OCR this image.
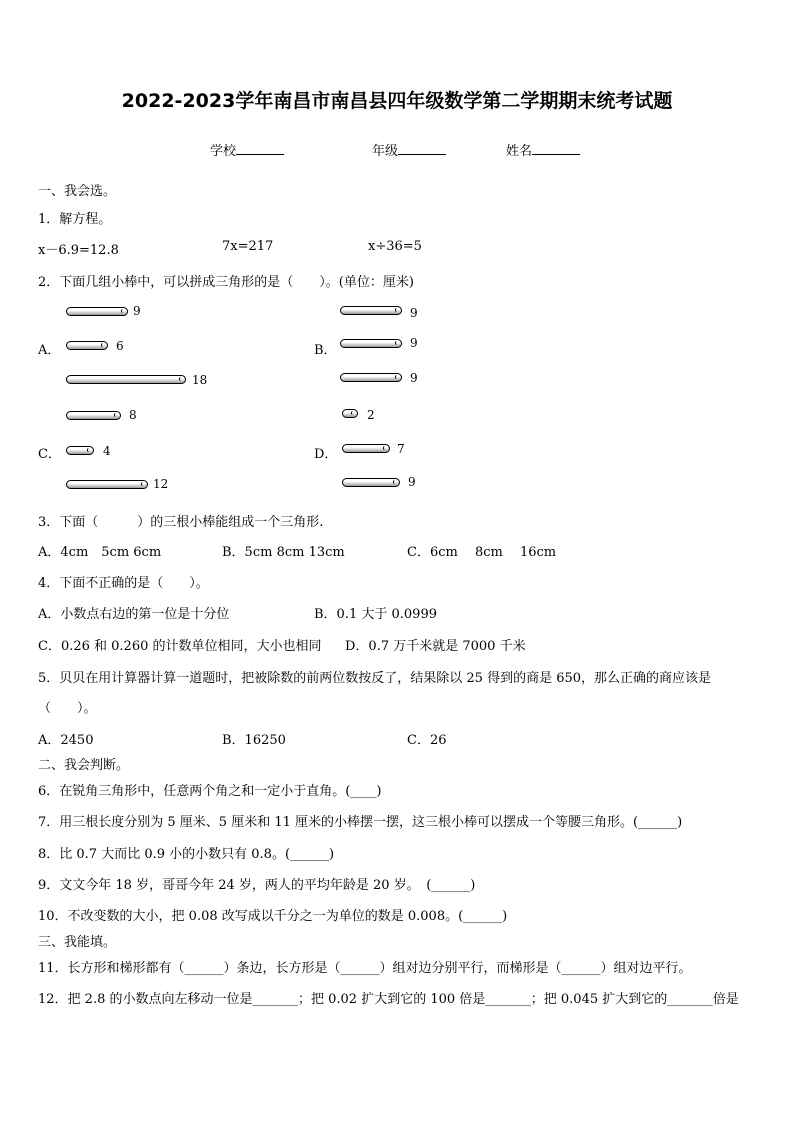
2022-2023学年南昌市南昌县四年级数学第二学期期末统考试题
学校	年级	姓名
一、我会选。
1．解方程。
x－6.9=12.8	7x=217	x÷36=5
2．下面几组小棒中，可以拼成三角形的是（　　）。(单位：厘米)
9
A．	6
18
9
B．	9
9
8
C．	4
12
2
D．	7
9
3．下面（　　　）的三根小棒能组成一个三角形.
A．4cm　5cm 6cm	B．5cm 8cm 13cm	C．6cm　 8cm　 16cm
4．下面不正确的是（　　）。
A．小数点右边的第一位是十分位	B．0.1 大于 0.0999
C．0.26 和 0.260 的计数单位相同，大小也相同 D．0.7 万千米就是 7000 千米
5．贝贝在用计算器计算一道题时，把被除数的前两位数按反了，结果除以 25 得到的商是 650，那么正确的商应该是
（　　）。
A．2450	B．16250	C．26
二、我会判断。
6．在锐角三角形中，任意两个角之和一定小于直角。(____)
7．用三根长度分别为 5 厘米、5 厘米和 11 厘米的小棒摆一摆，这三根小棒可以摆成一个等腰三角形。(______)
8．比 0.7 大而比 0.9 小的小数只有 0.8。(______)
9．文文今年 18 岁，哥哥今年 24 岁，两人的平均年龄是 20 岁。　(______)
10．不改变数的大小，把 0.08 改写成以千分之一为单位的数是 0.008。(______)
三、我能填。
11．长方形和梯形都有（______）条边，长方形是（______）组对边分别平行，而梯形是（______）组对边平行。
12．把 2.8 的小数点向左移动一位是_______；把 0.02 扩大到它的 100 倍是_______；把 0.045 扩大到它的_______倍是
